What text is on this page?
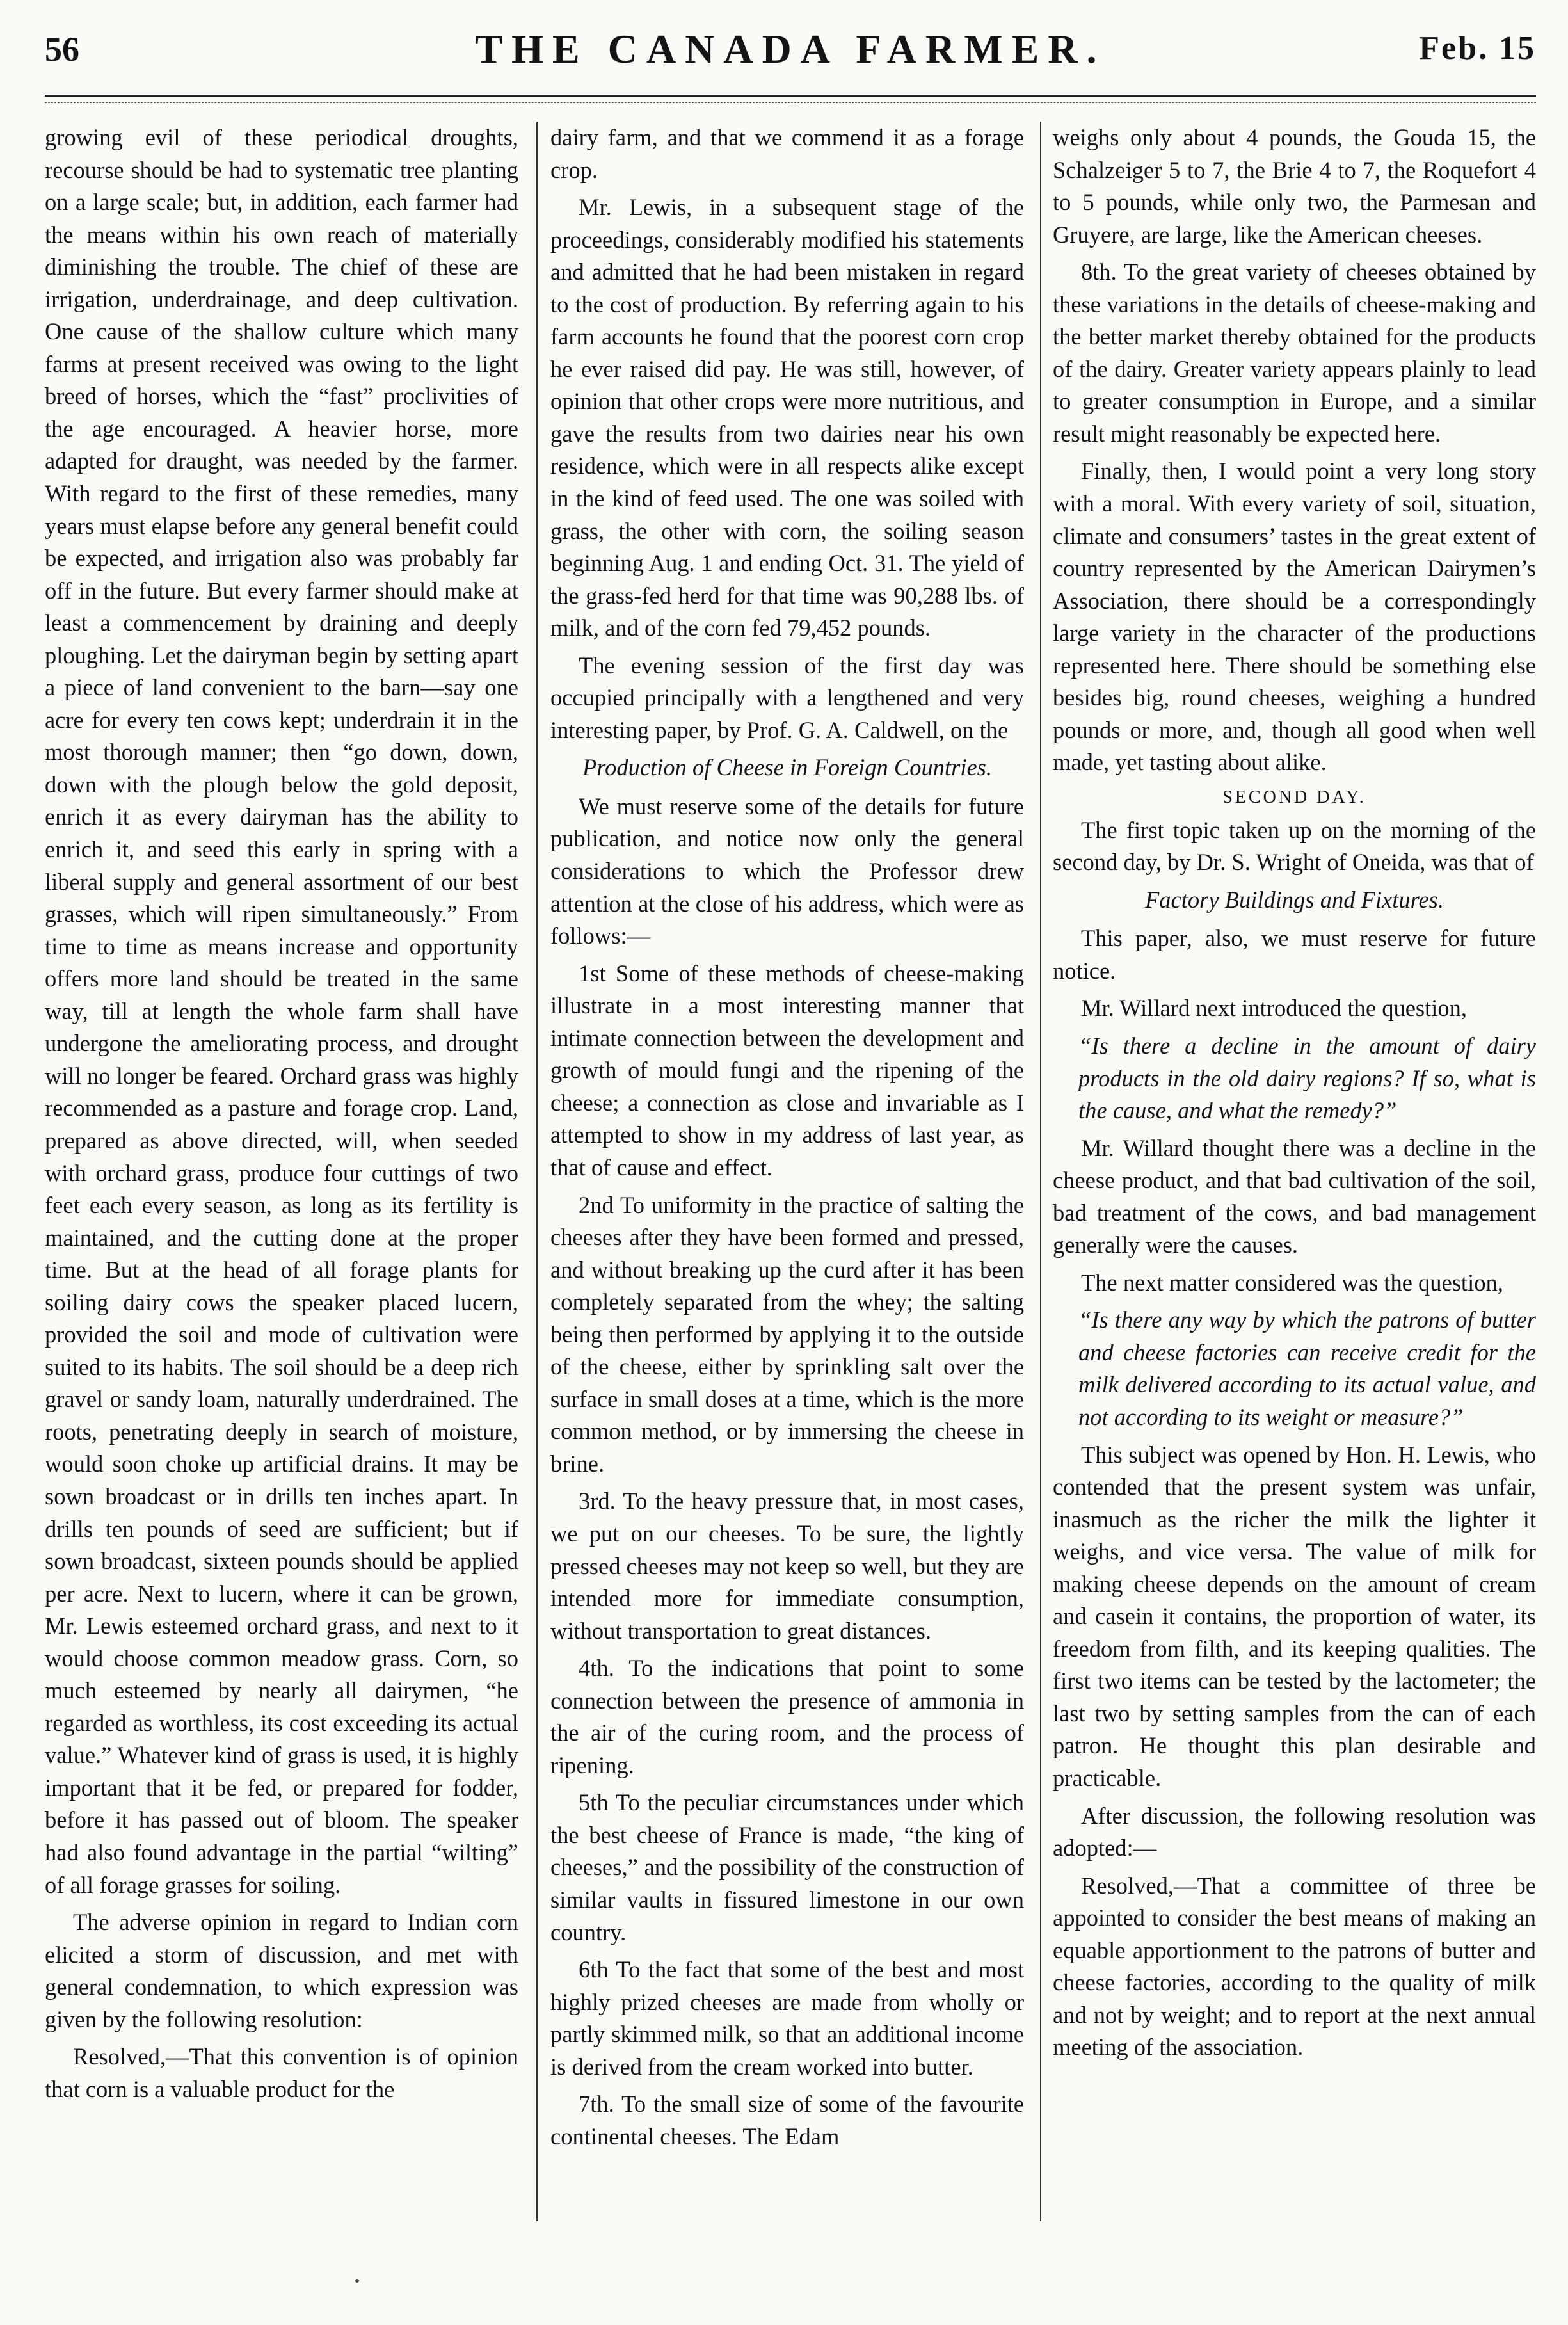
56	THE CANADA FARMER.	Feb. 15

growing evil of these periodical droughts, recourse should be had to systematic tree planting on a large scale; but, in addition, each farmer had the means within his own reach of materially diminishing the trouble. The chief of these are irrigation, underdrainage, and deep cultivation. One cause of the shallow culture which many farms at present received was owing to the light breed of horses, which the “fast” proclivities of the age encouraged. A heavier horse, more adapted for draught, was needed by the farmer. With regard to the first of these remedies, many years must elapse before any general benefit could be expected, and irrigation also was probably far off in the future. But every farmer should make at least a commencement by draining and deeply ploughing. Let the dairyman begin by setting apart a piece of land convenient to the barn—say one acre for every ten cows kept; underdrain it in the most thorough manner; then “go down, down, down with the plough below the gold deposit, enrich it as every dairyman has the ability to enrich it, and seed this early in spring with a liberal supply and general assortment of our best grasses, which will ripen simultaneously.” From time to time as means increase and opportunity offers more land should be treated in the same way, till at length the whole farm shall have undergone the ameliorating process, and drought will no longer be feared. Orchard grass was highly recommended as a pasture and forage crop. Land, prepared as above directed, will, when seeded with orchard grass, produce four cuttings of two feet each every season, as long as its fertility is maintained, and the cutting done at the proper time. But at the head of all forage plants for soiling dairy cows the speaker placed lucern, provided the soil and mode of cultivation were suited to its habits. The soil should be a deep rich gravel or sandy loam, naturally underdrained. The roots, penetrating deeply in search of moisture, would soon choke up artificial drains. It may be sown broadcast or in drills ten inches apart. In drills ten pounds of seed are sufficient; but if sown broadcast, sixteen pounds should be applied per acre. Next to lucern, where it can be grown, Mr. Lewis esteemed orchard grass, and next to it would choose common meadow grass. Corn, so much esteemed by nearly all dairymen, “he regarded as worthless, its cost exceeding its actual value.” Whatever kind of grass is used, it is highly important that it be fed, or prepared for fodder, before it has passed out of bloom. The speaker had also found advantage in the partial “wilting” of all forage grasses for soiling.

The adverse opinion in regard to Indian corn elicited a storm of discussion, and met with general condemnation, to which expression was given by the following resolution:

Resolved,—That this convention is of opinion that corn is a valuable product for the

dairy farm, and that we commend it as a forage crop.

Mr. Lewis, in a subsequent stage of the proceedings, considerably modified his statements and admitted that he had been mistaken in regard to the cost of production. By referring again to his farm accounts he found that the poorest corn crop he ever raised did pay. He was still, however, of opinion that other crops were more nutritious, and gave the results from two dairies near his own residence, which were in all respects alike except in the kind of feed used. The one was soiled with grass, the other with corn, the soiling season beginning Aug. 1 and ending Oct. 31. The yield of the grass-fed herd for that time was 90,288 lbs. of milk, and of the corn fed 79,452 pounds.

The evening session of the first day was occupied principally with a lengthened and very interesting paper, by Prof. G. A. Caldwell, on the

Production of Cheese in Foreign Countries.

We must reserve some of the details for future publication, and notice now only the general considerations to which the Professor drew attention at the close of his address, which were as follows:—

1st Some of these methods of cheese-making illustrate in a most interesting manner that intimate connection between the development and growth of mould fungi and the ripening of the cheese; a connection as close and invariable as I attempted to show in my address of last year, as that of cause and effect.

2nd To uniformity in the practice of salting the cheeses after they have been formed and pressed, and without breaking up the curd after it has been completely separated from the whey; the salting being then performed by applying it to the outside of the cheese, either by sprinkling salt over the surface in small doses at a time, which is the more common method, or by immersing the cheese in brine.

3rd. To the heavy pressure that, in most cases, we put on our cheeses. To be sure, the lightly pressed cheeses may not keep so well, but they are intended more for immediate consumption, without transportation to great distances.

4th. To the indications that point to some connection between the presence of ammonia in the air of the curing room, and the process of ripening.

5th To the peculiar circumstances under which the best cheese of France is made, “the king of cheeses,” and the possibility of the construction of similar vaults in fissured limestone in our own country.

6th To the fact that some of the best and most highly prized cheeses are made from wholly or partly skimmed milk, so that an additional income is derived from the cream worked into butter.

7th. To the small size of some of the favourite continental cheeses. The Edam

weighs only about 4 pounds, the Gouda 15, the Schalzeiger 5 to 7, the Brie 4 to 7, the Roquefort 4 to 5 pounds, while only two, the Parmesan and Gruyere, are large, like the American cheeses.

8th. To the great variety of cheeses obtained by these variations in the details of cheese-making and the better market thereby obtained for the products of the dairy. Greater variety appears plainly to lead to greater consumption in Europe, and a similar result might reasonably be expected here.

Finally, then, I would point a very long story with a moral. With every variety of soil, situation, climate and consumers’ tastes in the great extent of country represented by the American Dairymen’s Association, there should be a correspondingly large variety in the character of the productions represented here. There should be something else besides big, round cheeses, weighing a hundred pounds or more, and, though all good when well made, yet tasting about alike.

SECOND DAY.

The first topic taken up on the morning of the second day, by Dr. S. Wright of Oneida, was that of

Factory Buildings and Fixtures.

This paper, also, we must reserve for future notice.

Mr. Willard next introduced the question,

“Is there a decline in the amount of dairy products in the old dairy regions? If so, what is the cause, and what the remedy?”

Mr. Willard thought there was a decline in the cheese product, and that bad cultivation of the soil, bad treatment of the cows, and bad management generally were the causes.

The next matter considered was the question,

“Is there any way by which the patrons of butter and cheese factories can receive credit for the milk delivered according to its actual value, and not according to its weight or measure?”

This subject was opened by Hon. H. Lewis, who contended that the present system was unfair, inasmuch as the richer the milk the lighter it weighs, and vice versa. The value of milk for making cheese depends on the amount of cream and casein it contains, the proportion of water, its freedom from filth, and its keeping qualities. The first two items can be tested by the lactometer; the last two by setting samples from the can of each patron. He thought this plan desirable and practicable.

After discussion, the following resolution was adopted:—

Resolved,—That a committee of three be appointed to consider the best means of making an equable apportionment to the patrons of butter and cheese factories, according to the quality of milk and not by weight; and to report at the next annual meeting of the association.
